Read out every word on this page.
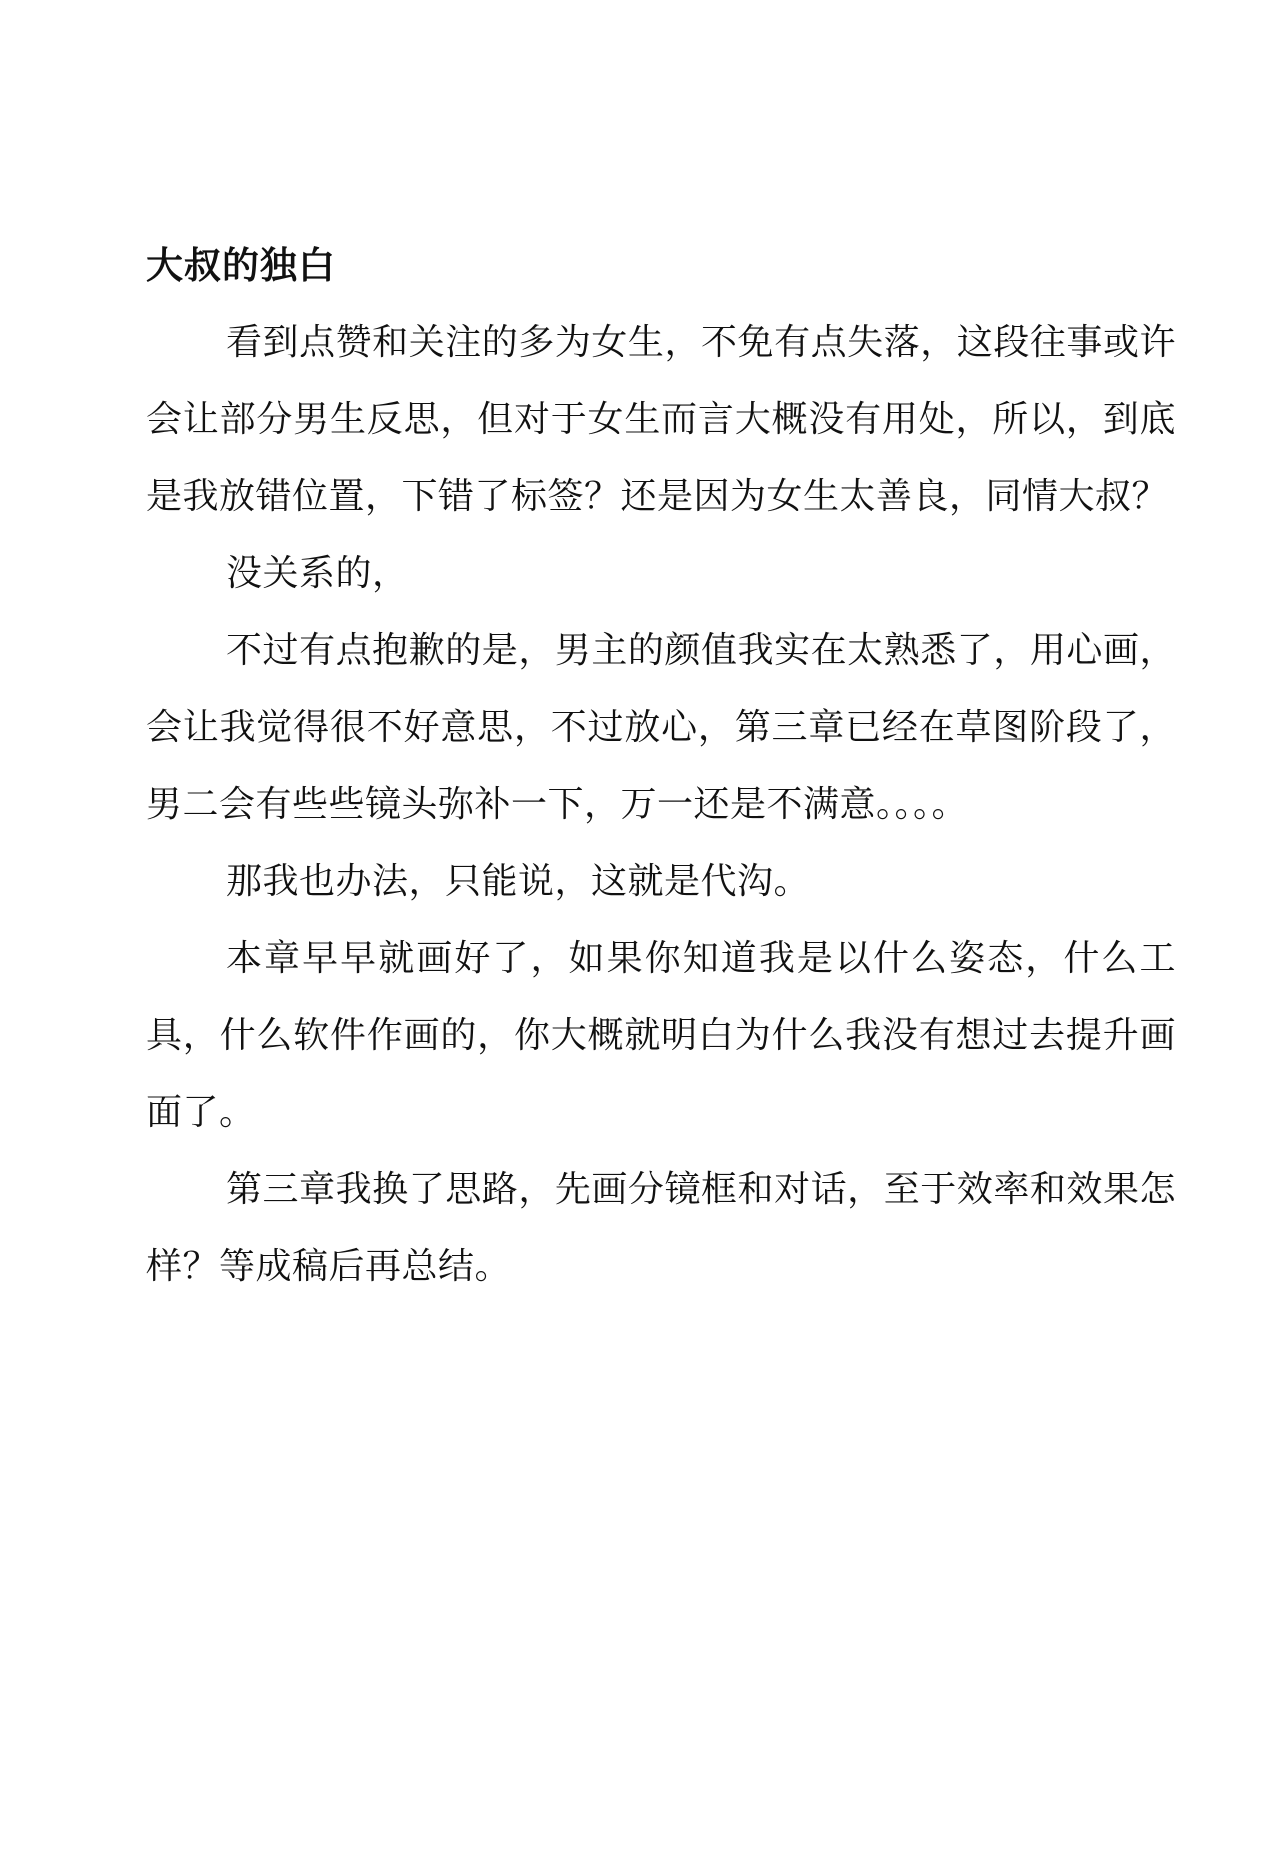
大叔的独白

看到点赞和关注的多为女生，不免有点失落，这段往事或许会让部分男生反思，但对于女生而言大概没有用处，所以，到底是我放错位置，下错了标签？还是因为女生太善良，同情大叔？

没关系的，

不过有点抱歉的是，男主的颜值我实在太熟悉了，用心画，会让我觉得很不好意思，不过放心，第三章已经在草图阶段了，男二会有些些镜头弥补一下，万一还是不满意。。。。

那我也办法，只能说，这就是代沟。

本章早早就画好了，如果你知道我是以什么姿态，什么工具，什么软件作画的，你大概就明白为什么我没有想过去提升画面了。

第三章我换了思路，先画分镜框和对话，至于效率和效果怎样？等成稿后再总结。
